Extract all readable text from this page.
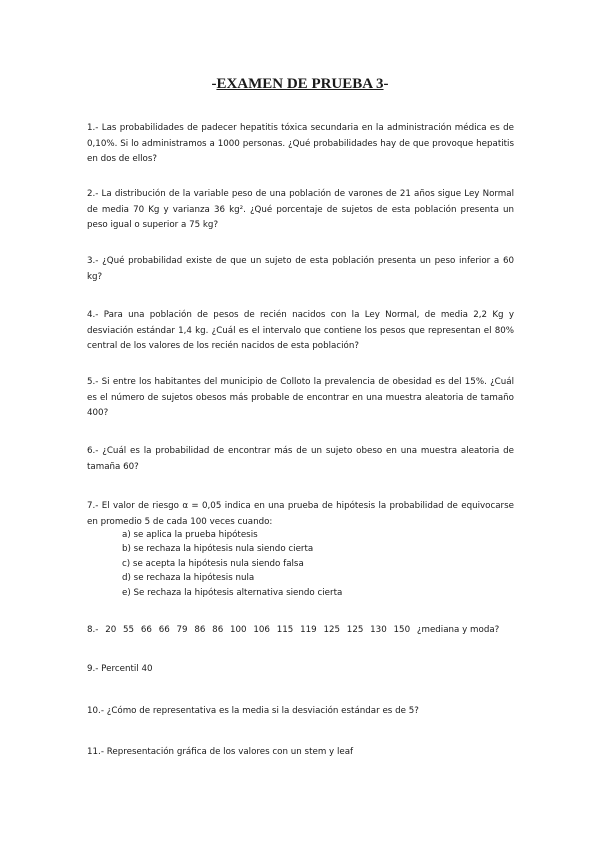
-EXAMEN DE PRUEBA 3-

1.- Las probabilidades de padecer hepatitis tóxica secundaria en la administración médica es de 0,10%. Si lo administramos a 1000 personas. ¿Qué probabilidades hay de que provoque hepatitis en dos de ellos?

2.- La distribución de la variable peso de una población de varones de 21 años sigue Ley Normal de media 70 Kg y varianza 36 kg². ¿Qué porcentaje de sujetos de esta población presenta un peso igual o superior a 75 kg?

3.- ¿Qué probabilidad existe de que un sujeto de esta población presenta un peso inferior a 60 kg?

4.- Para una población de pesos de recién nacidos con la Ley Normal, de media 2,2 Kg y desviación estándar 1,4 kg. ¿Cuál es el intervalo que contiene los pesos que representan el 80% central de los valores de los recién nacidos de esta población?

5.- Si entre los habitantes del municipio de Colloto la prevalencia de obesidad es del 15%. ¿Cuál es el número de sujetos obesos más probable de encontrar en una muestra aleatoria de tamaño 400?

6.- ¿Cuál es la probabilidad de encontrar más de un sujeto obeso en una muestra aleatoria de tamaña 60?

7.- El valor de riesgo α = 0,05 indica en una prueba de hipótesis la probabilidad de equivocarse en promedio 5 de cada 100 veces cuando:

a) se aplica la prueba hipótesis
b) se rechaza la hipótesis nula siendo cierta
c) se acepta la hipótesis nula siendo falsa
d) se rechaza la hipótesis nula
e) Se rechaza la hipótesis alternativa siendo cierta

8.- 20 55 66 66 79 86 86 100 106 115 119 125 125 130 150 ¿mediana y moda?

9.- Percentil 40

10.- ¿Cómo de representativa es la media si la desviación estándar es de 5?

11.- Representación gráfica de los valores con un stem y leaf
